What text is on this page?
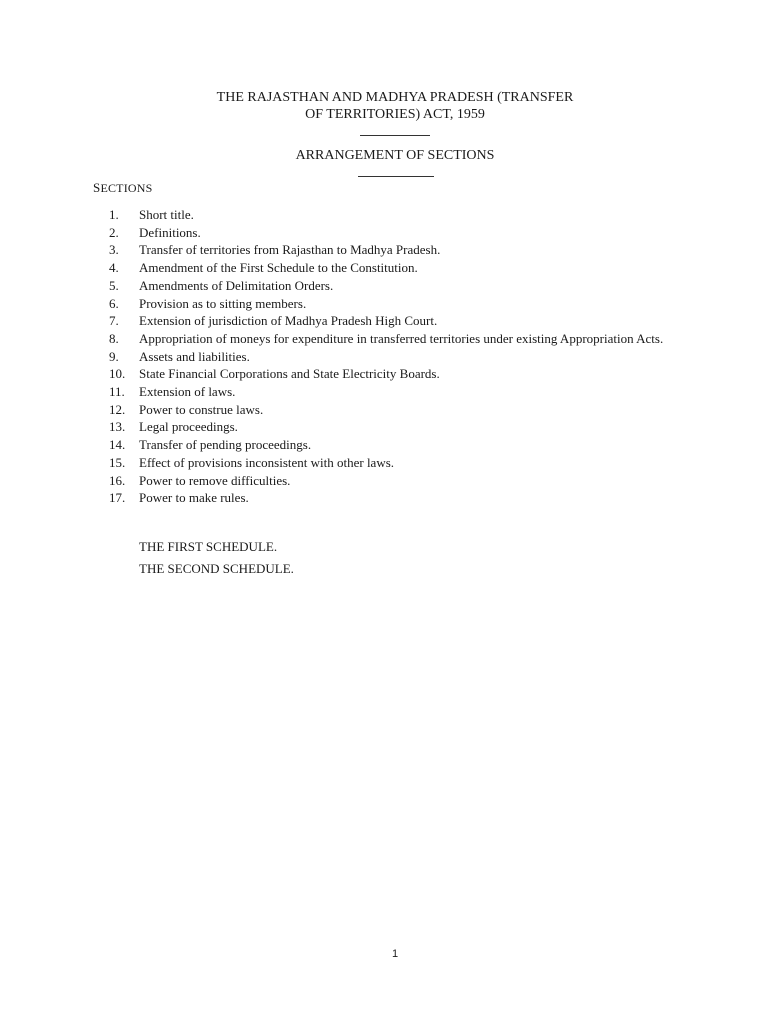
THE RAJASTHAN AND MADHYA PRADESH (TRANSFER
OF TERRITORIES) ACT, 1959
ARRANGEMENT OF SECTIONS
SECTIONS
1.	Short title.
2.	Definitions.
3.	Transfer of territories from Rajasthan to Madhya Pradesh.
4.	Amendment of the First Schedule to the Constitution.
5.	Amendments of Delimitation Orders.
6.	Provision as to sitting members.
7.	Extension of jurisdiction of Madhya Pradesh High Court.
8.	Appropriation of moneys for expenditure in transferred territories under existing Appropriation Acts.
9.	Assets and liabilities.
10.	State Financial Corporations and State Electricity Boards.
11.	Extension of laws.
12.	Power to construe laws.
13.	Legal proceedings.
14.	Transfer of pending proceedings.
15.	Effect of provisions inconsistent with other laws.
16.	Power to remove difficulties.
17.	Power to make rules.
THE FIRST SCHEDULE.
THE SECOND SCHEDULE.
1
